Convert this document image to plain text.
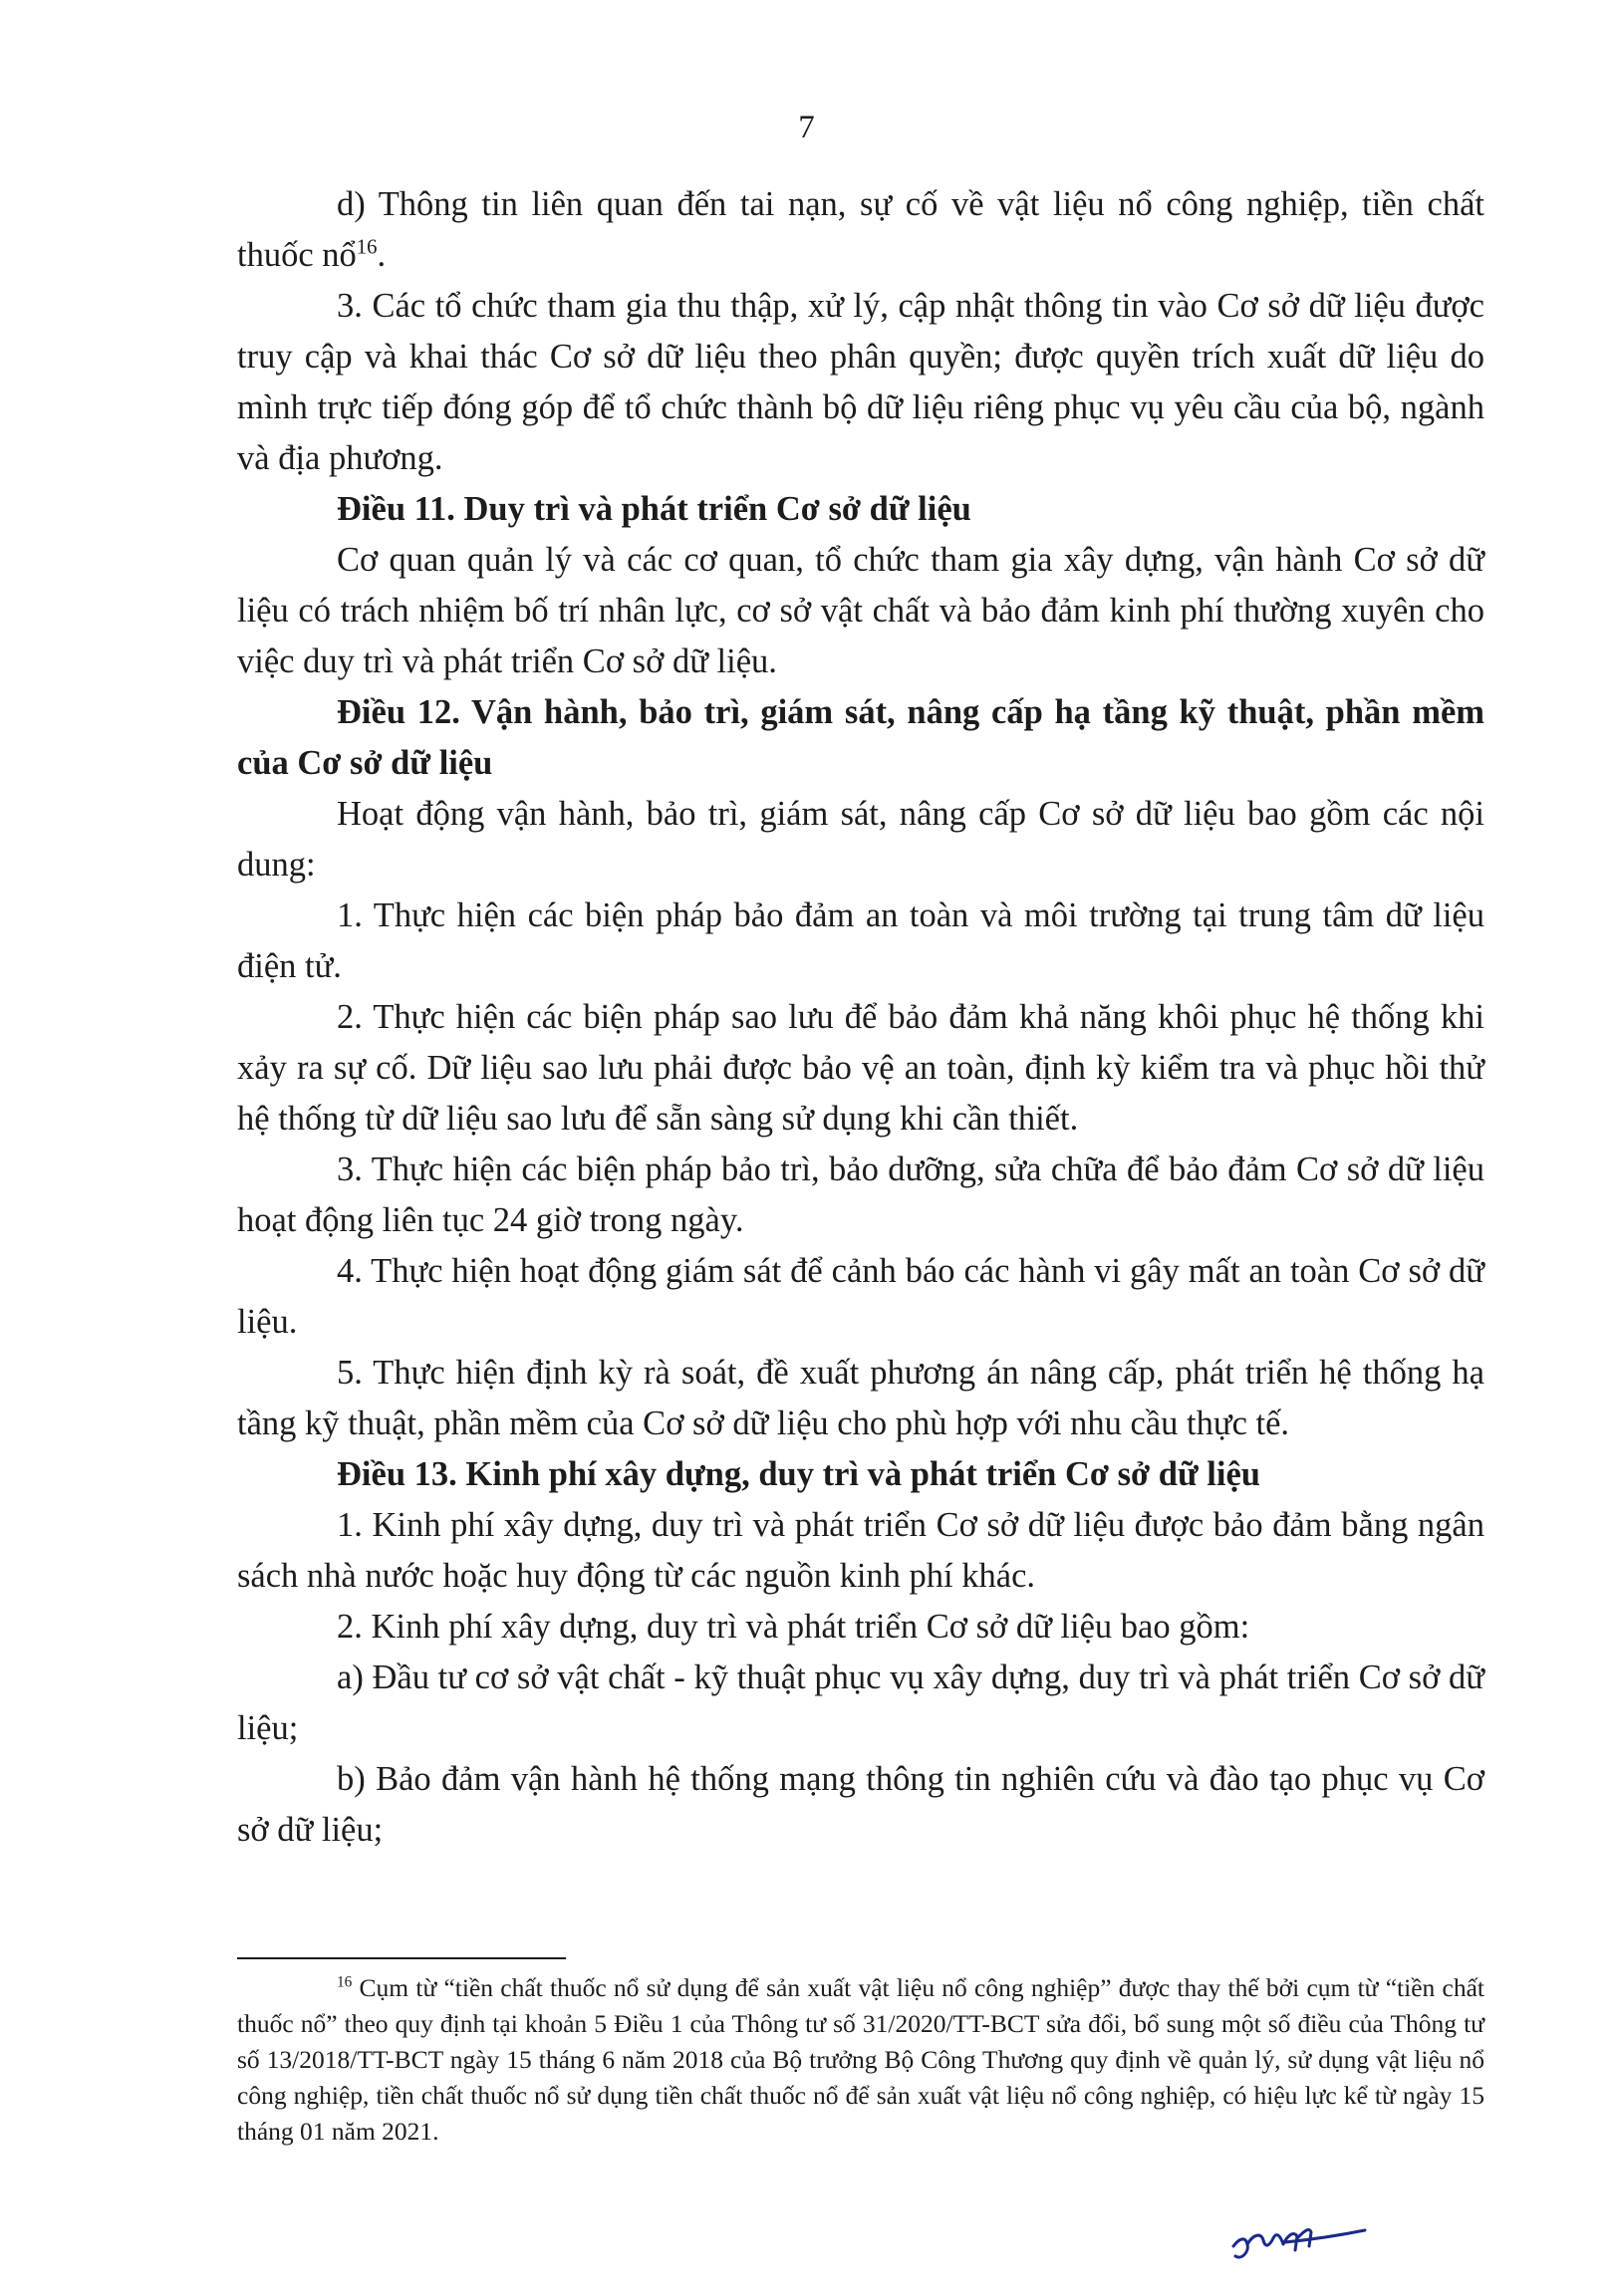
7

d) Thông tin liên quan đến tai nạn, sự cố về vật liệu nổ công nghiệp, tiền chất thuốc nổ$^{16}$.

3. Các tổ chức tham gia thu thập, xử lý, cập nhật thông tin vào Cơ sở dữ liệu được truy cập và khai thác Cơ sở dữ liệu theo phân quyền; được quyền trích xuất dữ liệu do mình trực tiếp đóng góp để tổ chức thành bộ dữ liệu riêng phục vụ yêu cầu của bộ, ngành và địa phương.

Điều 11. Duy trì và phát triển Cơ sở dữ liệu

Cơ quan quản lý và các cơ quan, tổ chức tham gia xây dựng, vận hành Cơ sở dữ liệu có trách nhiệm bố trí nhân lực, cơ sở vật chất và bảo đảm kinh phí thường xuyên cho việc duy trì và phát triển Cơ sở dữ liệu.

Điều 12. Vận hành, bảo trì, giám sát, nâng cấp hạ tầng kỹ thuật, phần mềm của Cơ sở dữ liệu

Hoạt động vận hành, bảo trì, giám sát, nâng cấp Cơ sở dữ liệu bao gồm các nội dung:

1. Thực hiện các biện pháp bảo đảm an toàn và môi trường tại trung tâm dữ liệu điện tử.

2. Thực hiện các biện pháp sao lưu để bảo đảm khả năng khôi phục hệ thống khi xảy ra sự cố. Dữ liệu sao lưu phải được bảo vệ an toàn, định kỳ kiểm tra và phục hồi thử hệ thống từ dữ liệu sao lưu để sẵn sàng sử dụng khi cần thiết.

3. Thực hiện các biện pháp bảo trì, bảo dưỡng, sửa chữa để bảo đảm Cơ sở dữ liệu hoạt động liên tục 24 giờ trong ngày.

4. Thực hiện hoạt động giám sát để cảnh báo các hành vi gây mất an toàn Cơ sở dữ liệu.

5. Thực hiện định kỳ rà soát, đề xuất phương án nâng cấp, phát triển hệ thống hạ tầng kỹ thuật, phần mềm của Cơ sở dữ liệu cho phù hợp với nhu cầu thực tế.

Điều 13. Kinh phí xây dựng, duy trì và phát triển Cơ sở dữ liệu

1. Kinh phí xây dựng, duy trì và phát triển Cơ sở dữ liệu được bảo đảm bằng ngân sách nhà nước hoặc huy động từ các nguồn kinh phí khác.

2. Kinh phí xây dựng, duy trì và phát triển Cơ sở dữ liệu bao gồm:

a) Đầu tư cơ sở vật chất - kỹ thuật phục vụ xây dựng, duy trì và phát triển Cơ sở dữ liệu;

b) Bảo đảm vận hành hệ thống mạng thông tin nghiên cứu và đào tạo phục vụ Cơ sở dữ liệu;

$^{16}$ Cụm từ “tiền chất thuốc nổ sử dụng để sản xuất vật liệu nổ công nghiệp” được thay thế bởi cụm từ “tiền chất thuốc nổ” theo quy định tại khoản 5 Điều 1 của Thông tư số 31/2020/TT-BCT sửa đổi, bổ sung một số điều của Thông tư số 13/2018/TT-BCT ngày 15 tháng 6 năm 2018 của Bộ trưởng Bộ Công Thương quy định về quản lý, sử dụng vật liệu nổ công nghiệp, tiền chất thuốc nổ sử dụng tiền chất thuốc nổ để sản xuất vật liệu nổ công nghiệp, có hiệu lực kể từ ngày 15 tháng 01 năm 2021.
